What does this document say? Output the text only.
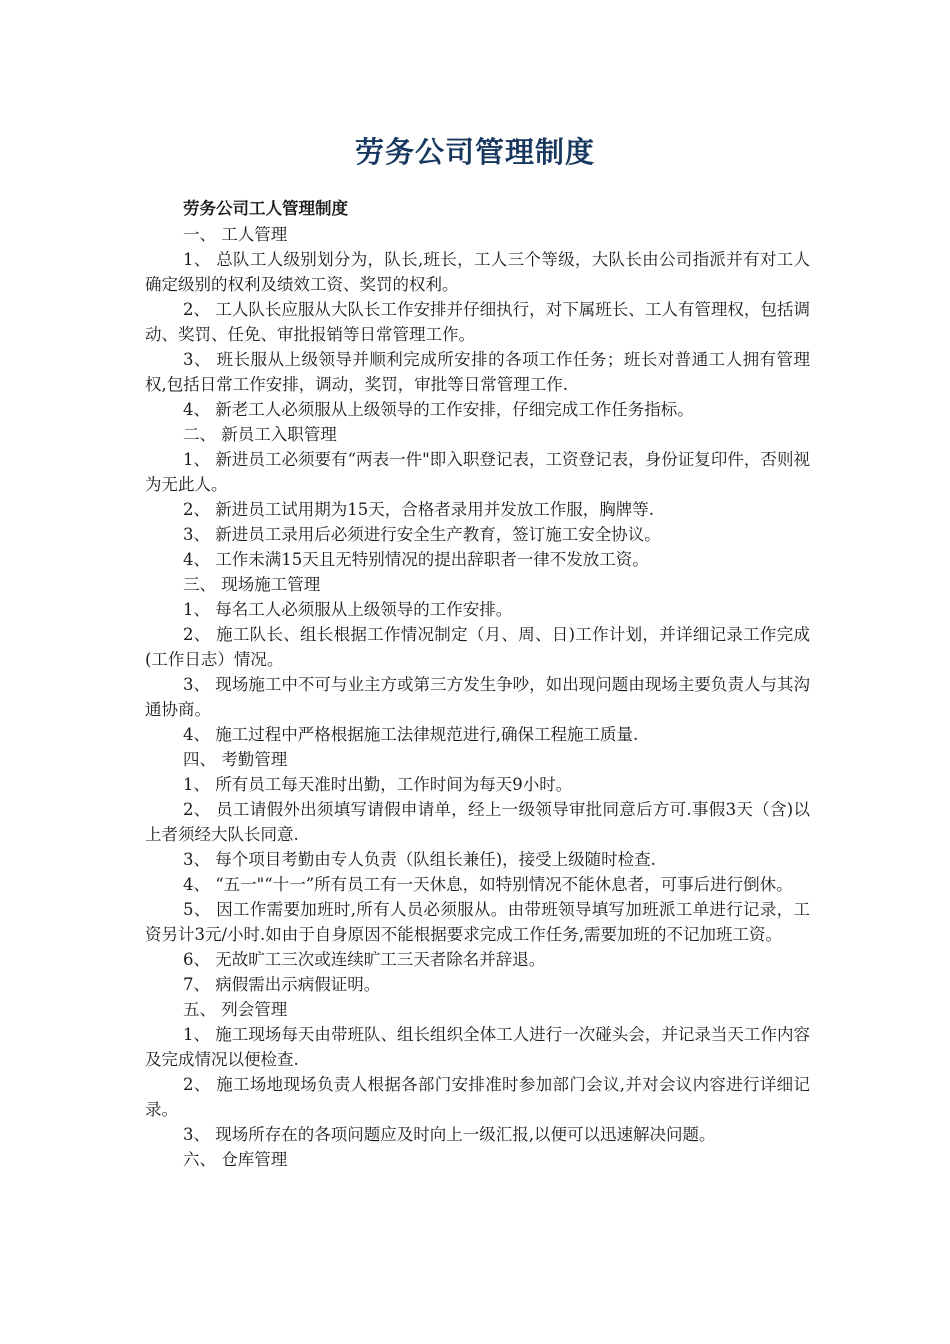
劳务公司管理制度

劳务公司工人管理制度

一、 工人管理

1、 总队工人级别划分为，队长,班长，工人三个等级，大队长由公司指派并有对工人确定级别的权利及绩效工资、奖罚的权利。

2、 工人队长应服从大队长工作安排并仔细执行，对下属班长、工人有管理权，包括调动、奖罚、任免、审批报销等日常管理工作。

3、 班长服从上级领导并顺利完成所安排的各项工作任务；班长对普通工人拥有管理权,包括日常工作安排，调动，奖罚，审批等日常管理工作.

4、 新老工人必须服从上级领导的工作安排，仔细完成工作任务指标。

二、 新员工入职管理

1、 新进员工必须要有“两表一件"即入职登记表，工资登记表，身份证复印件，否则视为无此人。

2、 新进员工试用期为15天，合格者录用并发放工作服，胸牌等.

3、 新进员工录用后必须进行安全生产教育，签订施工安全协议。

4、 工作未满15天且无特别情况的提出辞职者一律不发放工资。

三、 现场施工管理

1、 每名工人必须服从上级领导的工作安排。

2、 施工队长、组长根据工作情况制定（月、周、日)工作计划，并详细记录工作完成(工作日志）情况。

3、 现场施工中不可与业主方或第三方发生争吵，如出现问题由现场主要负责人与其沟通协商。

4、 施工过程中严格根据施工法律规范进行,确保工程施工质量.

四、 考勤管理

1、 所有员工每天准时出勤，工作时间为每天9小时。

2、 员工请假外出须填写请假申请单，经上一级领导审批同意后方可.事假3天（含)以上者须经大队长同意.

3、 每个项目考勤由专人负责（队组长兼任)，接受上级随时检查.

4、 “五一"“十一”所有员工有一天休息，如特别情况不能休息者，可事后进行倒休。

5、 因工作需要加班时,所有人员必须服从。由带班领导填写加班派工单进行记录，工资另计3元/小时.如由于自身原因不能根据要求完成工作任务,需要加班的不记加班工资。

6、 无故旷工三次或连续旷工三天者除名并辞退。

7、 病假需出示病假证明。

五、 列会管理

1、 施工现场每天由带班队、组长组织全体工人进行一次碰头会，并记录当天工作内容及完成情况以便检查.

2、 施工场地现场负责人根据各部门安排准时参加部门会议,并对会议内容进行详细记录。

3、 现场所存在的各项问题应及时向上一级汇报,以便可以迅速解决问题。

六、 仓库管理
